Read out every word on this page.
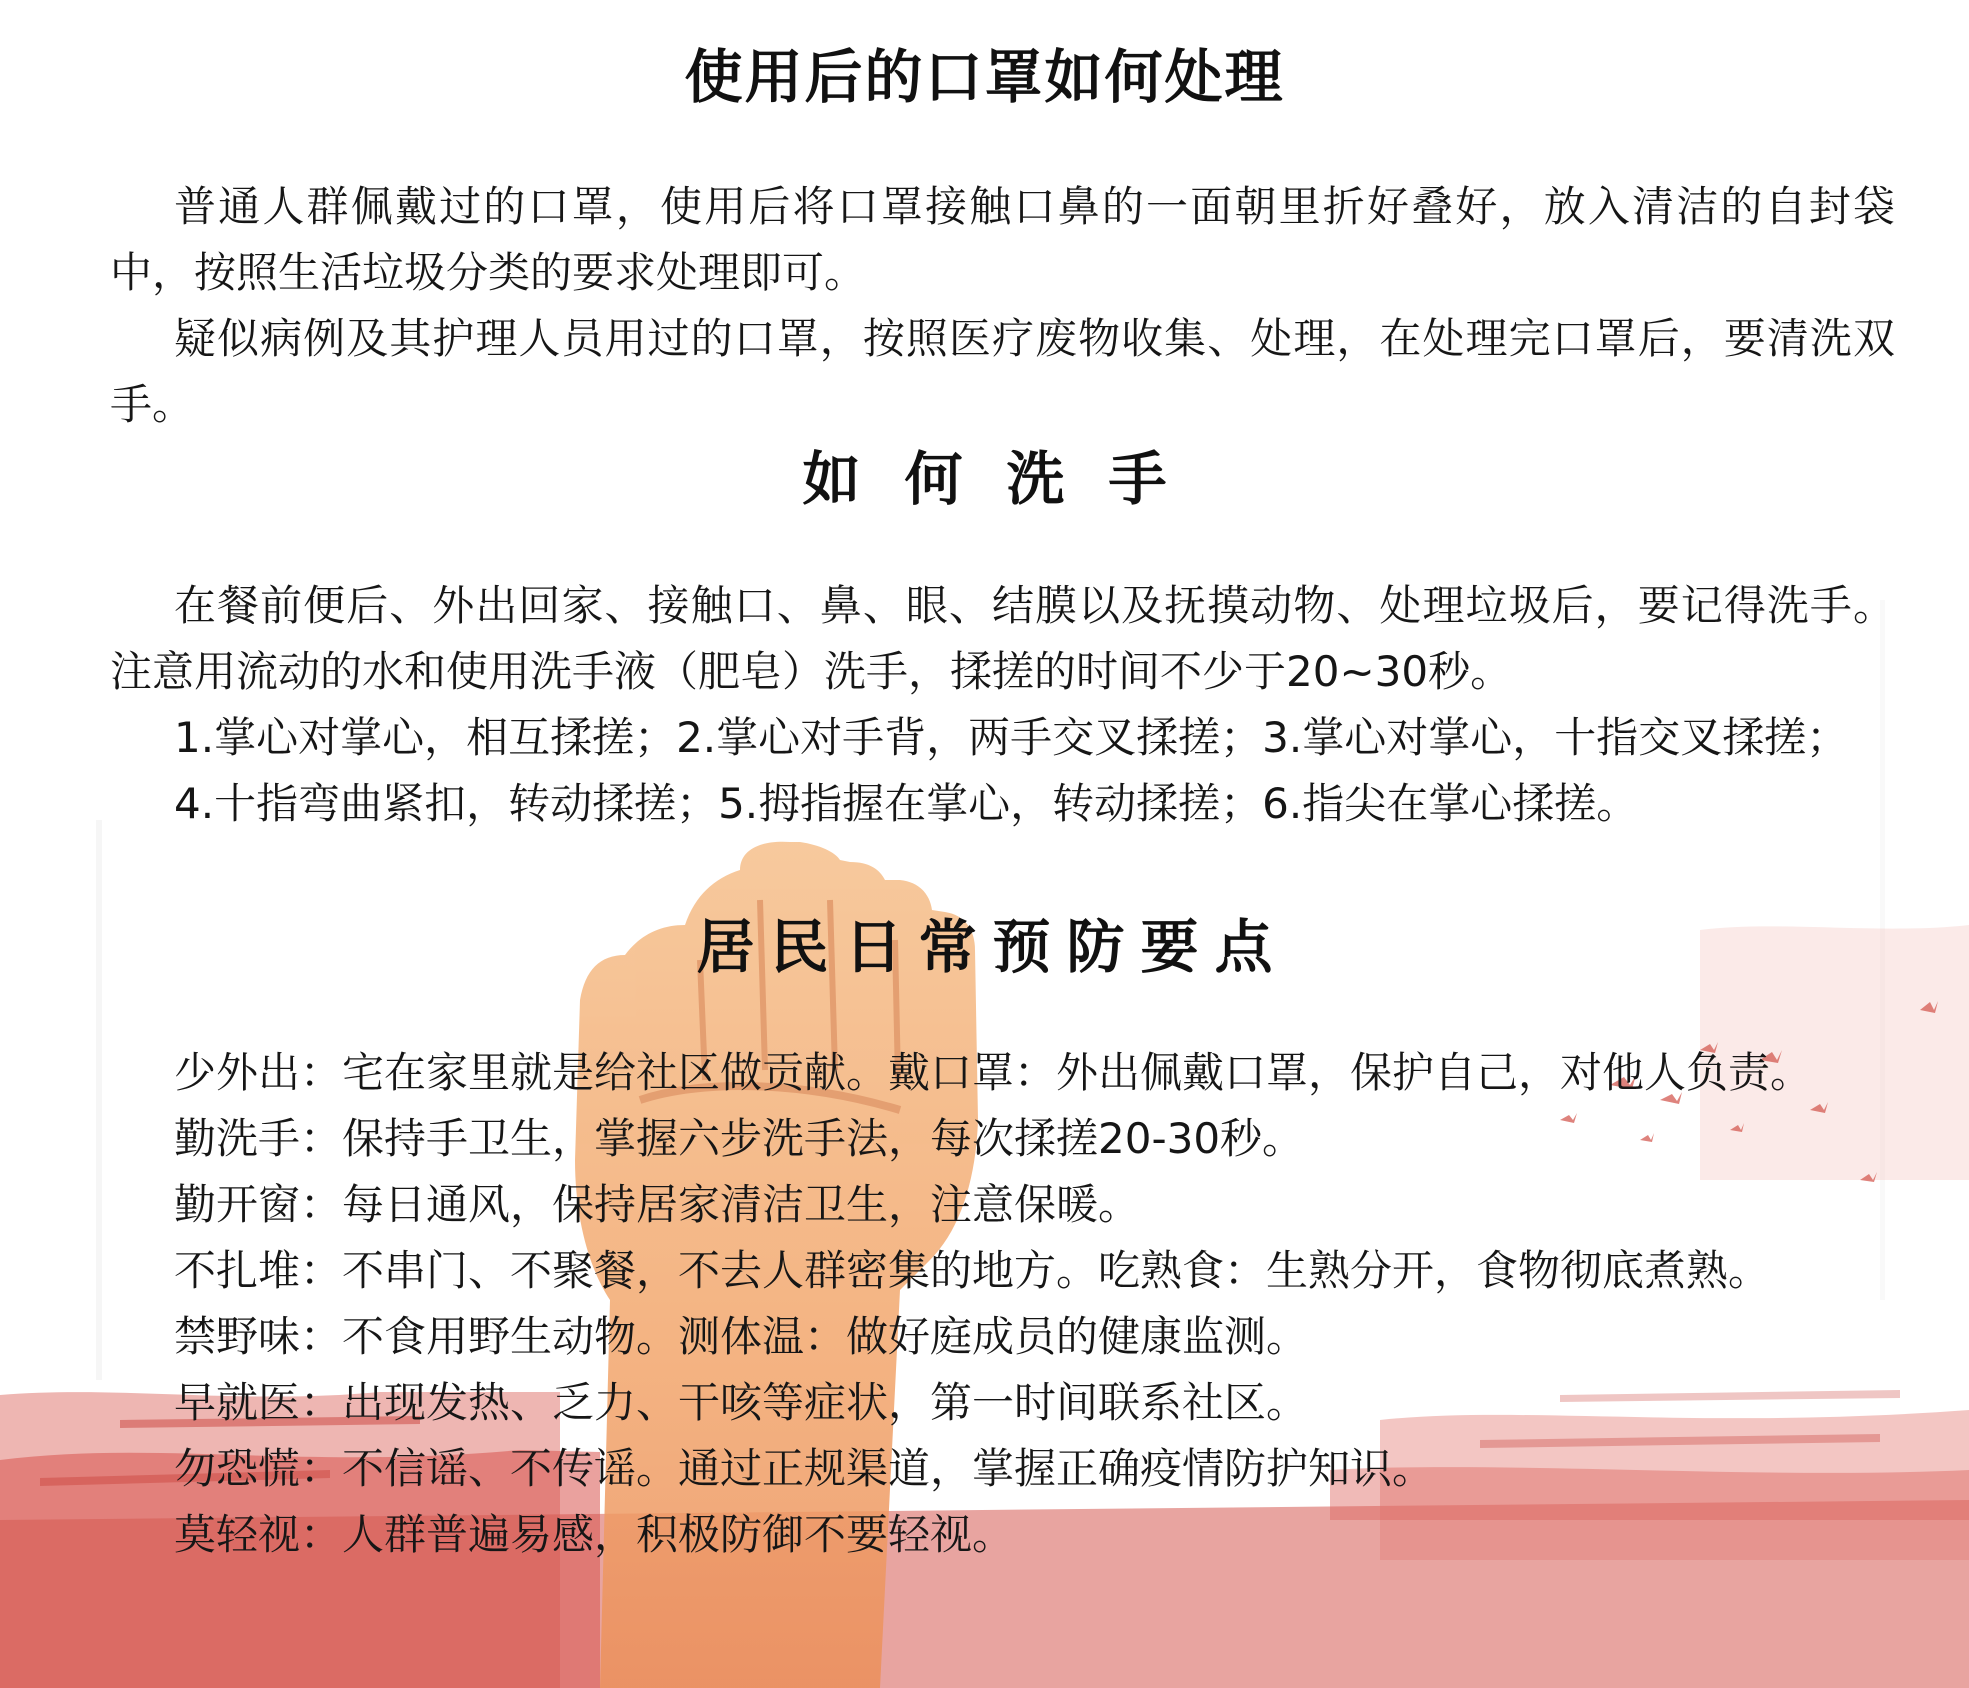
使用后的口罩如何处理

普通人群佩戴过的口罩，使用后将口罩接触口鼻的一面朝里折好叠好，放入清洁的自封袋中，按照生活垃圾分类的要求处理即可。

疑似病例及其护理人员用过的口罩，按照医疗废物收集、处理，在处理完口罩后，要清洗双手。

如何洗手

在餐前便后、外出回家、接触口、鼻、眼、结膜以及抚摸动物、处理垃圾后，要记得洗手。注意用流动的水和使用洗手液（肥皂）洗手，揉搓的时间不少于20~30秒。

1.掌心对掌心，相互揉搓；2.掌心对手背，两手交叉揉搓；3.掌心对掌心，十指交叉揉搓；

4.十指弯曲紧扣，转动揉搓；5.拇指握在掌心，转动揉搓；6.指尖在掌心揉搓。

居民日常预防要点

少外出：宅在家里就是给社区做贡献。戴口罩：外出佩戴口罩，保护自己，对他人负责。

勤洗手：保持手卫生，掌握六步洗手法，每次揉搓20-30秒。

勤开窗：每日通风，保持居家清洁卫生，注意保暖。

不扎堆：不串门、不聚餐，不去人群密集的地方。吃熟食：生熟分开，食物彻底煮熟。

禁野味：不食用野生动物。测体温：做好庭成员的健康监测。

早就医：出现发热、乏力、干咳等症状，第一时间联系社区。

勿恐慌：不信谣、不传谣。通过正规渠道，掌握正确疫情防护知识。

莫轻视：人群普遍易感，积极防御不要轻视。
